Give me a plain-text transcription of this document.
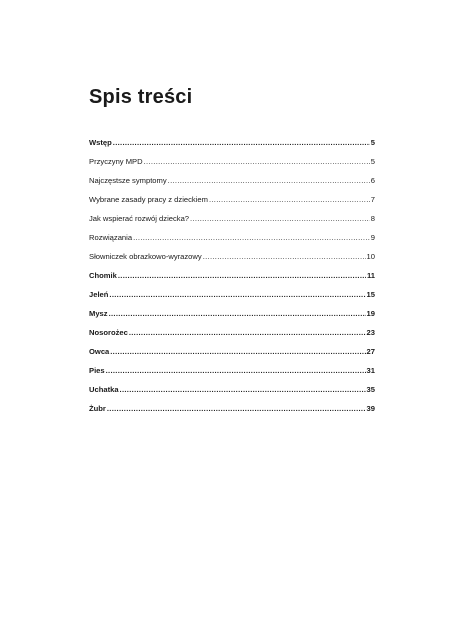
Spis treści
Wstęp . . .	5
Przyczyny MPD . . .	5
Najczęstsze symptomy . . .	6
Wybrane zasady pracy z dzieckiem . . .	7
Jak wspierać rozwój dziecka? . . .	8
Rozwiązania . . .	9
Słowniczek obrazkowo-wyrazowy . . .	10
Chomik . . .	11
Jeleń . . .	15
Mysz . . .	19
Nosorożec . . .	23
Owca . . .	27
Pies . . .	31
Uchatka . . .	35
Żubr . . .	39
